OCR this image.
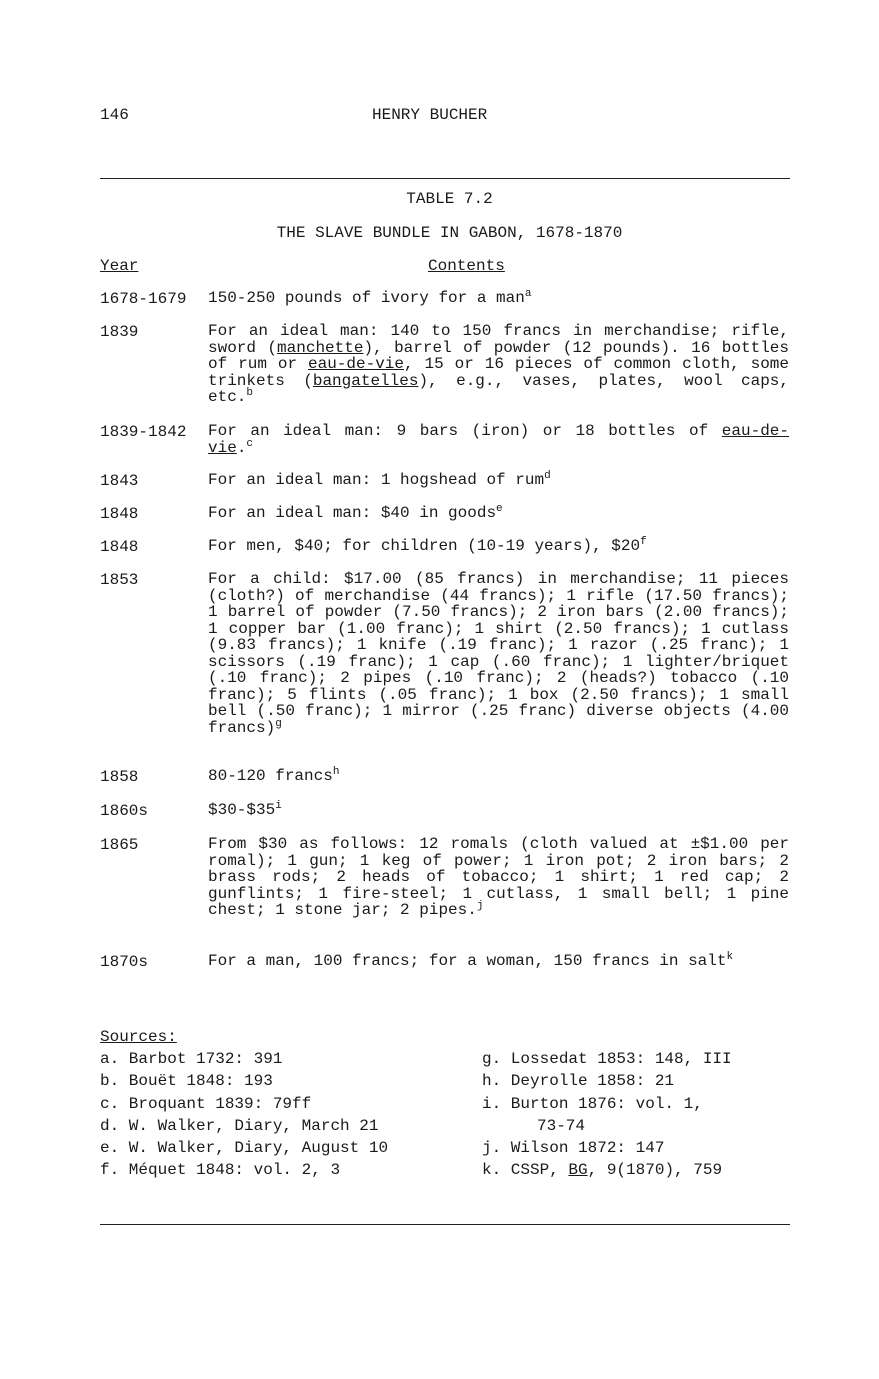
146	HENRY BUCHER
TABLE 7.2
THE SLAVE BUNDLE IN GABON, 1678-1870
Year	Contents
1678-1679 150-250 pounds of ivory for a man$^a$
1839	For an ideal man: 140 to 150 francs in merchandise; rifle, sword (manchette), barrel of powder (12 pounds). 16 bottles of rum or eau-de-vie, 15 or 16 pieces of common cloth, some trinkets (bangatelles), e.g., vases, plates, wool caps, etc.$^b$
1839-1842 For an ideal man: 9 bars (iron) or 18 bottles of eau-de-vie.$^c$
1843	For an ideal man: 1 hogshead of rum$^d$
1848	For an ideal man: $40 in goods$^e$
1848	For men, $40; for children (10-19 years), $20$^f$
1853	For a child: $17.00 (85 francs) in merchandise; 11 pieces (cloth?) of merchandise (44 francs); 1 rifle (17.50 francs); 1 barrel of powder (7.50 francs); 2 iron bars (2.00 francs); 1 copper bar (1.00 franc); 1 shirt (2.50 francs); 1 cutlass (9.83 francs); 1 knife (.19 franc); 1 razor (.25 franc); 1 scissors (.19 franc); 1 cap (.60 franc); 1 lighter/briquet (.10 franc); 2 pipes (.10 franc); 2 (heads?) tobacco (.10 franc); 5 flints (.05 franc); 1 box (2.50 francs); 1 small bell (.50 franc); 1 mirror (.25 franc) diverse objects (4.00 francs)$^g$
1858	80-120 francs$^h$
1860s	$30-$35$^i$
1865	From $30 as follows: 12 romals (cloth valued at ±$1.00 per romal); 1 gun; 1 keg of power; 1 iron pot; 2 iron bars; 2 brass rods; 2 heads of tobacco; 1 shirt; 1 red cap; 2 gunflints; 1 fire-steel; 1 cutlass, 1 small bell; 1 pine chest; 1 stone jar; 2 pipes.$^j$
1870s	For a man, 100 francs; for a woman, 150 francs in salt$^k$
Sources:
a. Barbot 1732: 391
b. Bouët 1848: 193
c. Broquant 1839: 79ff
d. W. Walker, Diary, March 21
e. W. Walker, Diary, August 10
f. Méquet 1848: vol. 2, 3
g. Lossedat 1853: 148, III
h. Deyrolle 1858: 21
i. Burton 1876: vol. 1,
73-74
j. Wilson 1872: 147
k. CSSP, BG, 9(1870), 759
